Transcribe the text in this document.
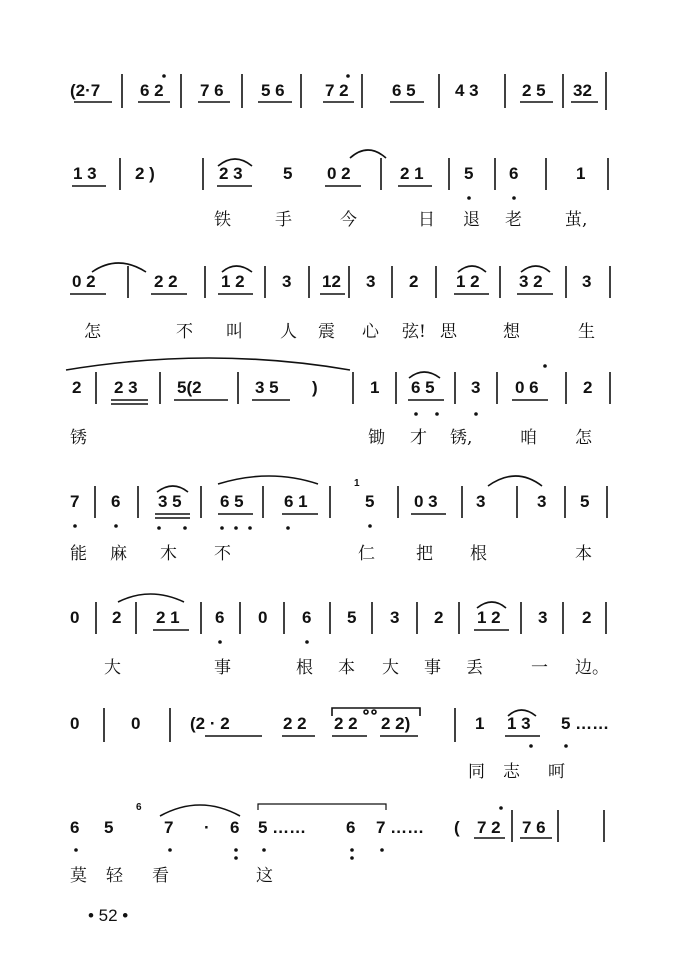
(2·7 6 2 7 6 5 6 7 2	6 5 4 3	2 5 32
1 3 2 )	2 3 5 0 2	2 1 5 6	1
铁	手	今	日 退 老	茧,
0 2	2 2	1 2 3 12 3 2 1 2 3 2 3
怎	不 叫 人 震 心 弦! 思	想	生
2 2 3 5(2	3 5 )	1 6 5 3 0 6	2
锈	锄 才 锈,	咱 怎
1
7 6 3 5 6 5 6 1	5 0 3 3	3 5
能 麻 木 不	仁 把 根	本
0 2 2 1 6 0 6 5 3 2 1 2 3 2
大	事	根 本 大 事 丢	一 边。
0	0	(2 · 2	2 2 2 2 2 2)	1 1 3 5 ……
同 志 呵
6
6 5	7 · 6 5 …… 6 7 …… ( 7 2 7 6
莫 轻 看	这
• 52 •
